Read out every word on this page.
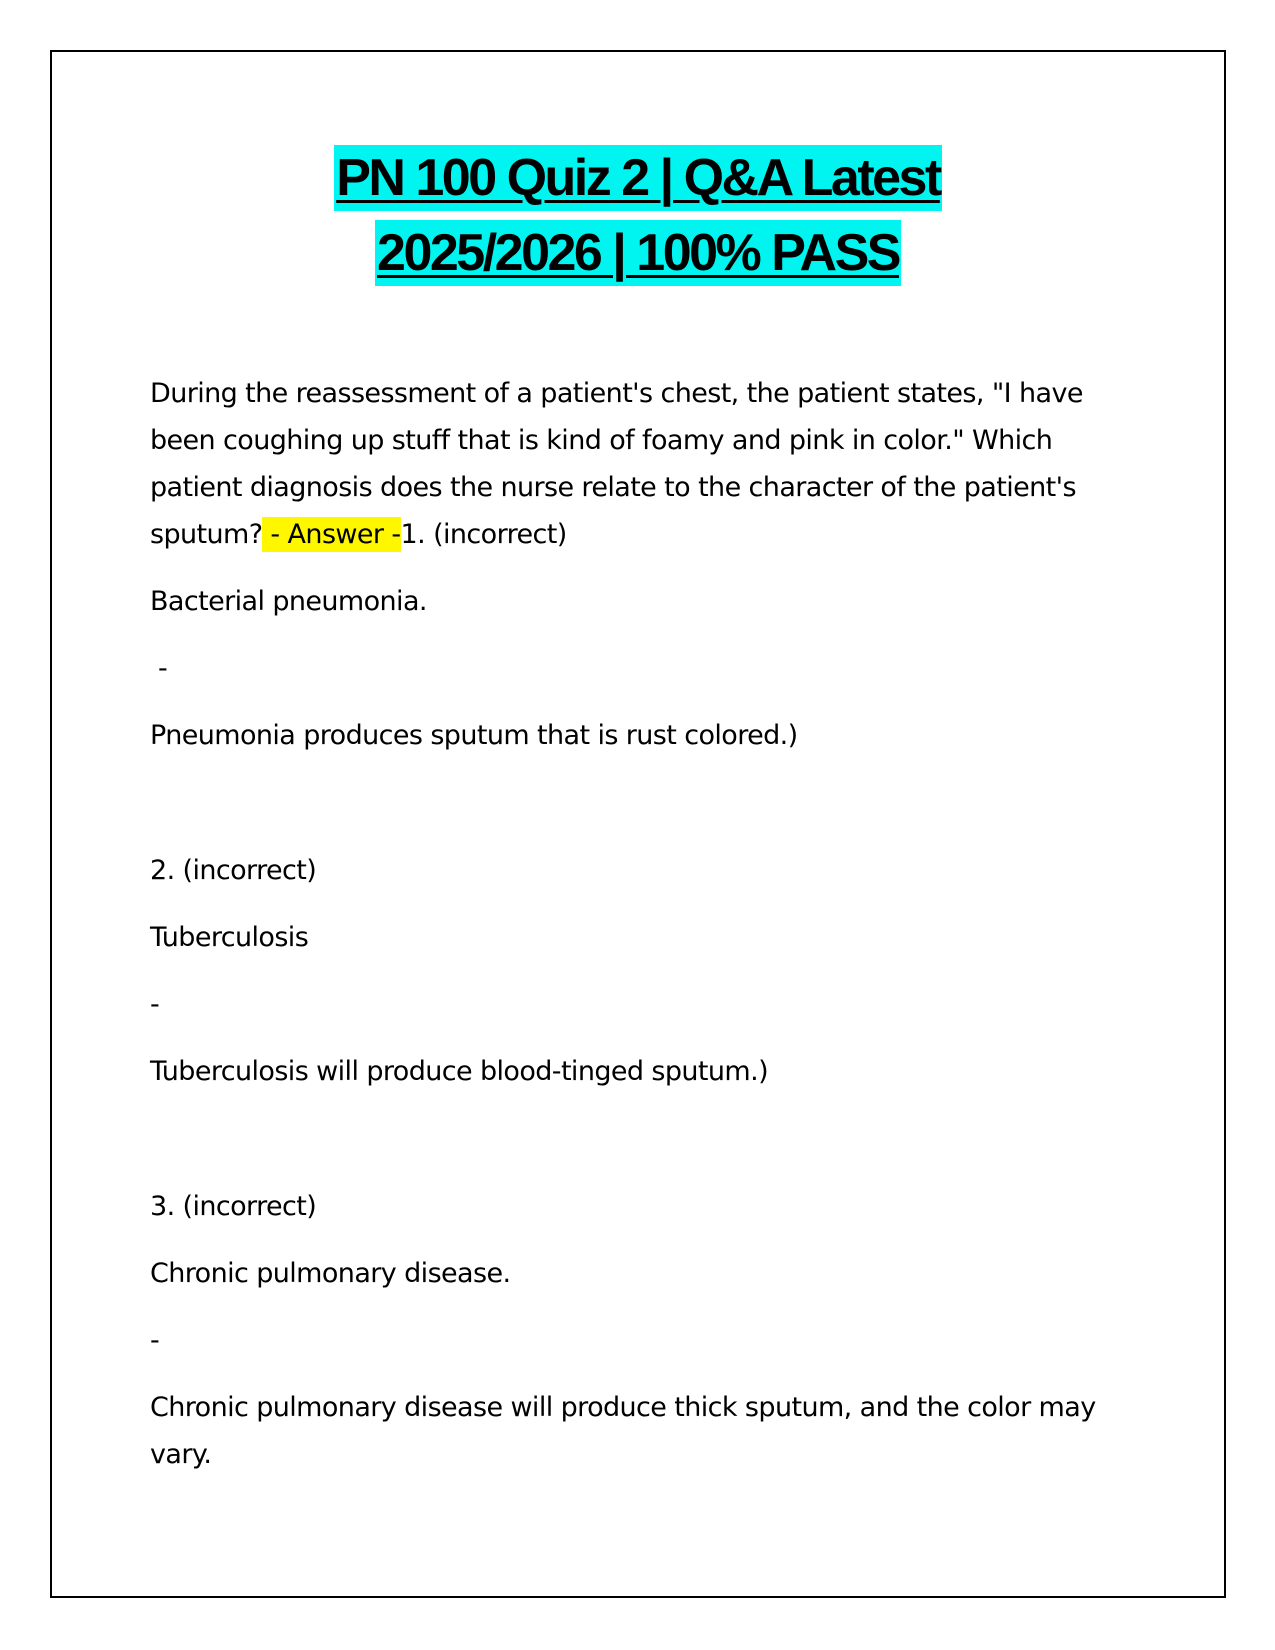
PN 100 Quiz 2 | Q&A Latest
2025/2026 | 100% PASS

During the reassessment of a patient's chest, the patient states, "I have been coughing up stuff that is kind of foamy and pink in color." Which patient diagnosis does the nurse relate to the character of the patient's sputum? - Answer -1. (incorrect)

Bacterial pneumonia.

-

Pneumonia produces sputum that is rust colored.)

2. (incorrect)

Tuberculosis

-

Tuberculosis will produce blood-tinged sputum.)

3. (incorrect)

Chronic pulmonary disease.

-

Chronic pulmonary disease will produce thick sputum, and the color may vary.
